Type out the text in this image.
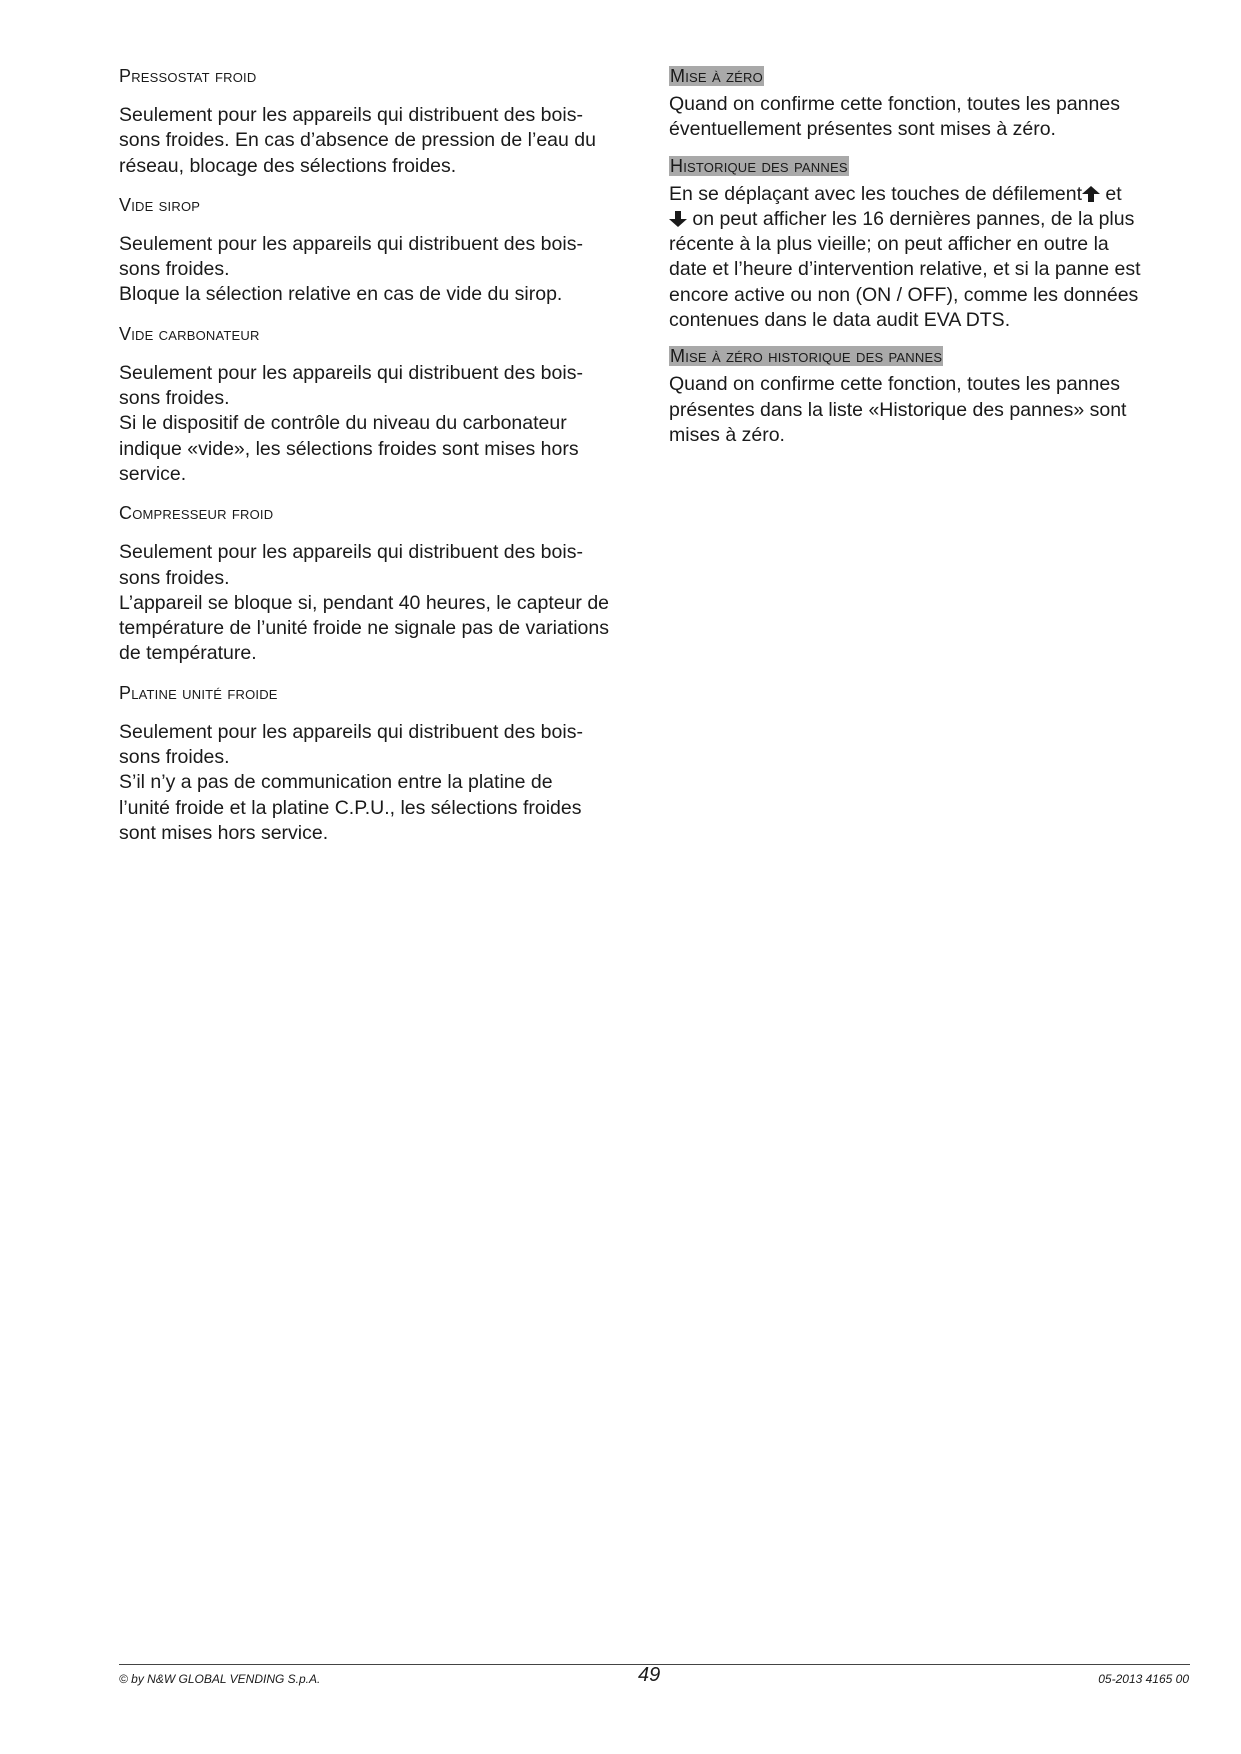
Pressostat froid

Seulement pour les appareils qui distribuent des bois-

sons froides. En cas d’absence de pression de l’eau du

réseau, blocage des sélections froides.

Vide sirop

Seulement pour les appareils qui distribuent des bois-

sons froides.

Bloque la sélection relative en cas de vide du sirop.

Vide carbonateur

Seulement pour les appareils qui distribuent des bois-

sons froides.

Si le dispositif de contrôle du niveau du carbonateur

indique «vide», les sélections froides sont mises hors

service.

Compresseur froid

Seulement pour les appareils qui distribuent des bois-

sons froides.

L’appareil se bloque si, pendant 40 heures, le capteur de

température de l’unité froide ne signale pas de variations

de température.

Platine unité froide

Seulement pour les appareils qui distribuent des bois-

sons froides.

S’il n’y a pas de communication entre la platine de

l’unité froide et la platine C.P.U., les sélections froides

sont mises hors service.

Mise à zéro

Quand on confirme cette fonction, toutes les pannes

éventuellement présentes sont mises à zéro.

Historique des pannes

En se déplaçant avec les touches de défilement et

on peut afficher les 16 dernières pannes, de la plus

récente à la plus vieille; on peut afficher en outre la

date et l’heure d’intervention relative, et si la panne est

encore active ou non (ON / OFF), comme les données

contenues dans le data audit EVA DTS.

Mise à zéro historique des pannes

Quand on confirme cette fonction, toutes les pannes

présentes dans la liste «Historique des pannes» sont

mises à zéro.

© by N&W GLOBAL VENDING S.p.A.	49	05-2013 4165 00
